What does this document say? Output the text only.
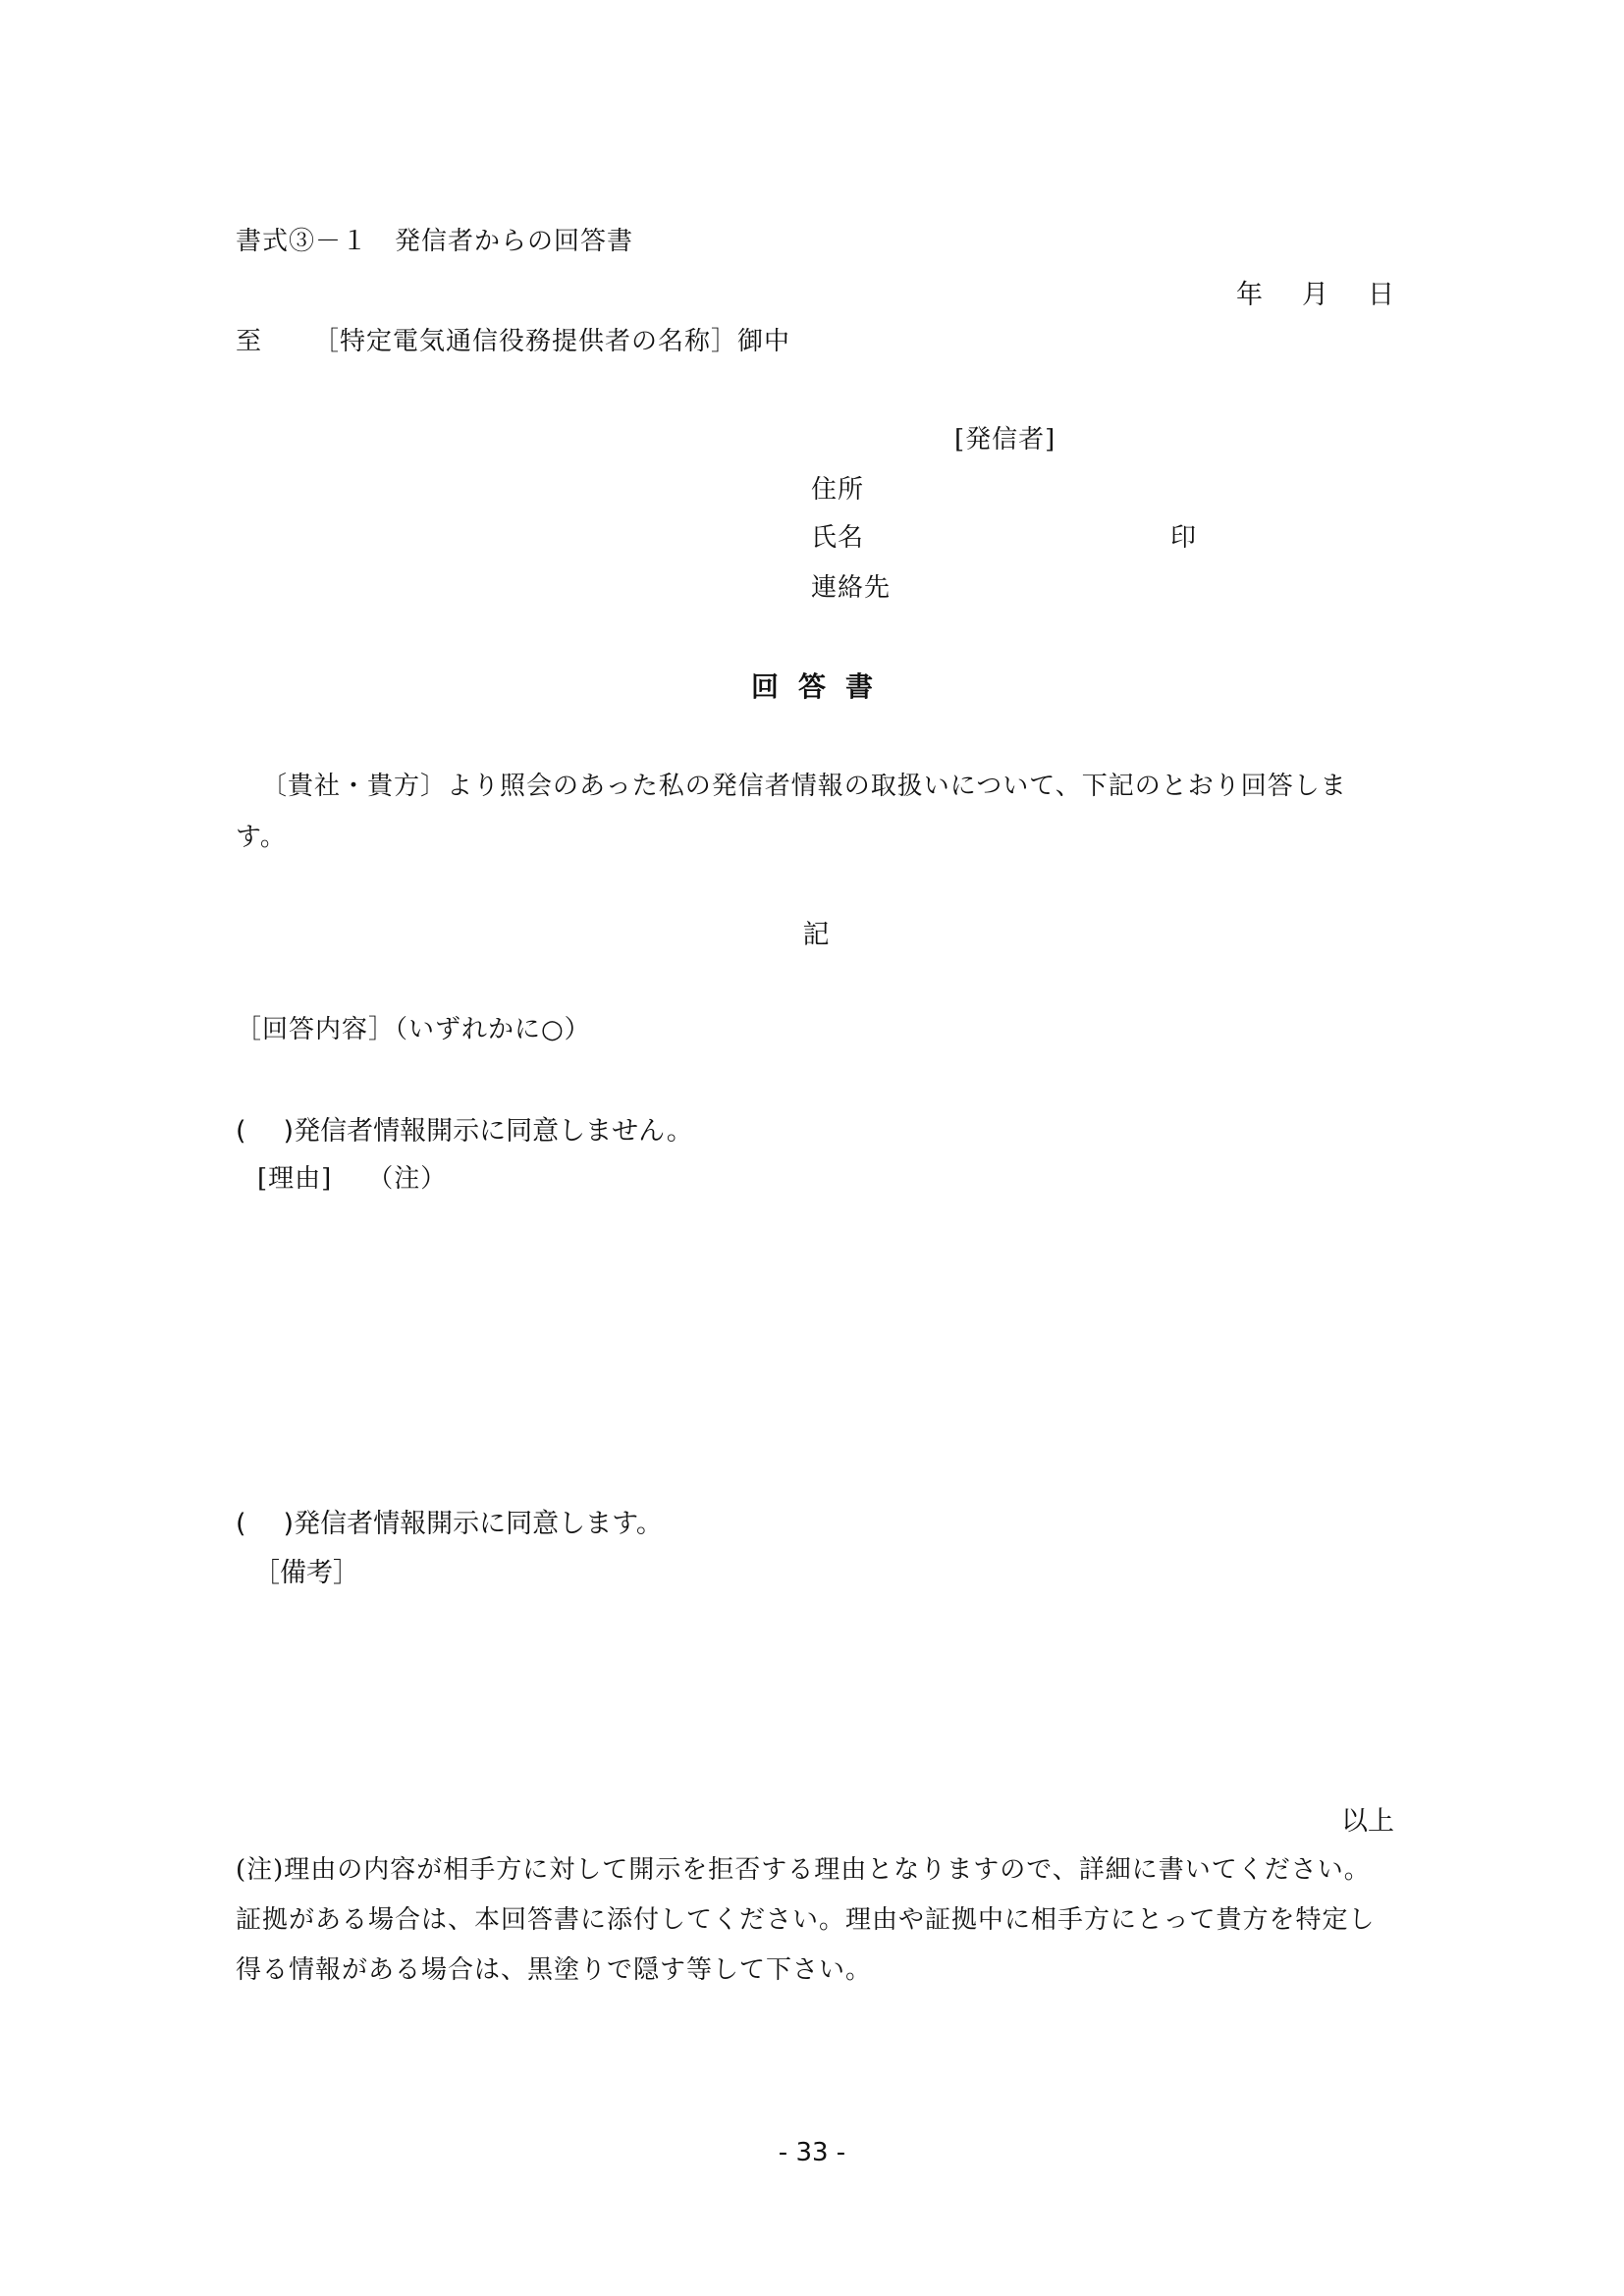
書式③－１　発信者からの回答書
年 月 日
至 ［特定電気通信役務提供者の名称］御中
[発信者]
住所
氏名	印
連絡先
回答書
〔貴社・貴方〕より照会のあった私の発信者情報の取扱いについて、下記のとおり回答します。
記
［回答内容］（いずれかに○）
( )発信者情報開示に同意しません。
[理由] （注）
( )発信者情報開示に同意します。
［備考］
以上
(注)理由の内容が相手方に対して開示を拒否する理由となりますので、詳細に書いてください。証拠がある場合は、本回答書に添付してください。理由や証拠中に相手方にとって貴方を特定し得る情報がある場合は、黒塗りで隠す等して下さい。
- 33 -
